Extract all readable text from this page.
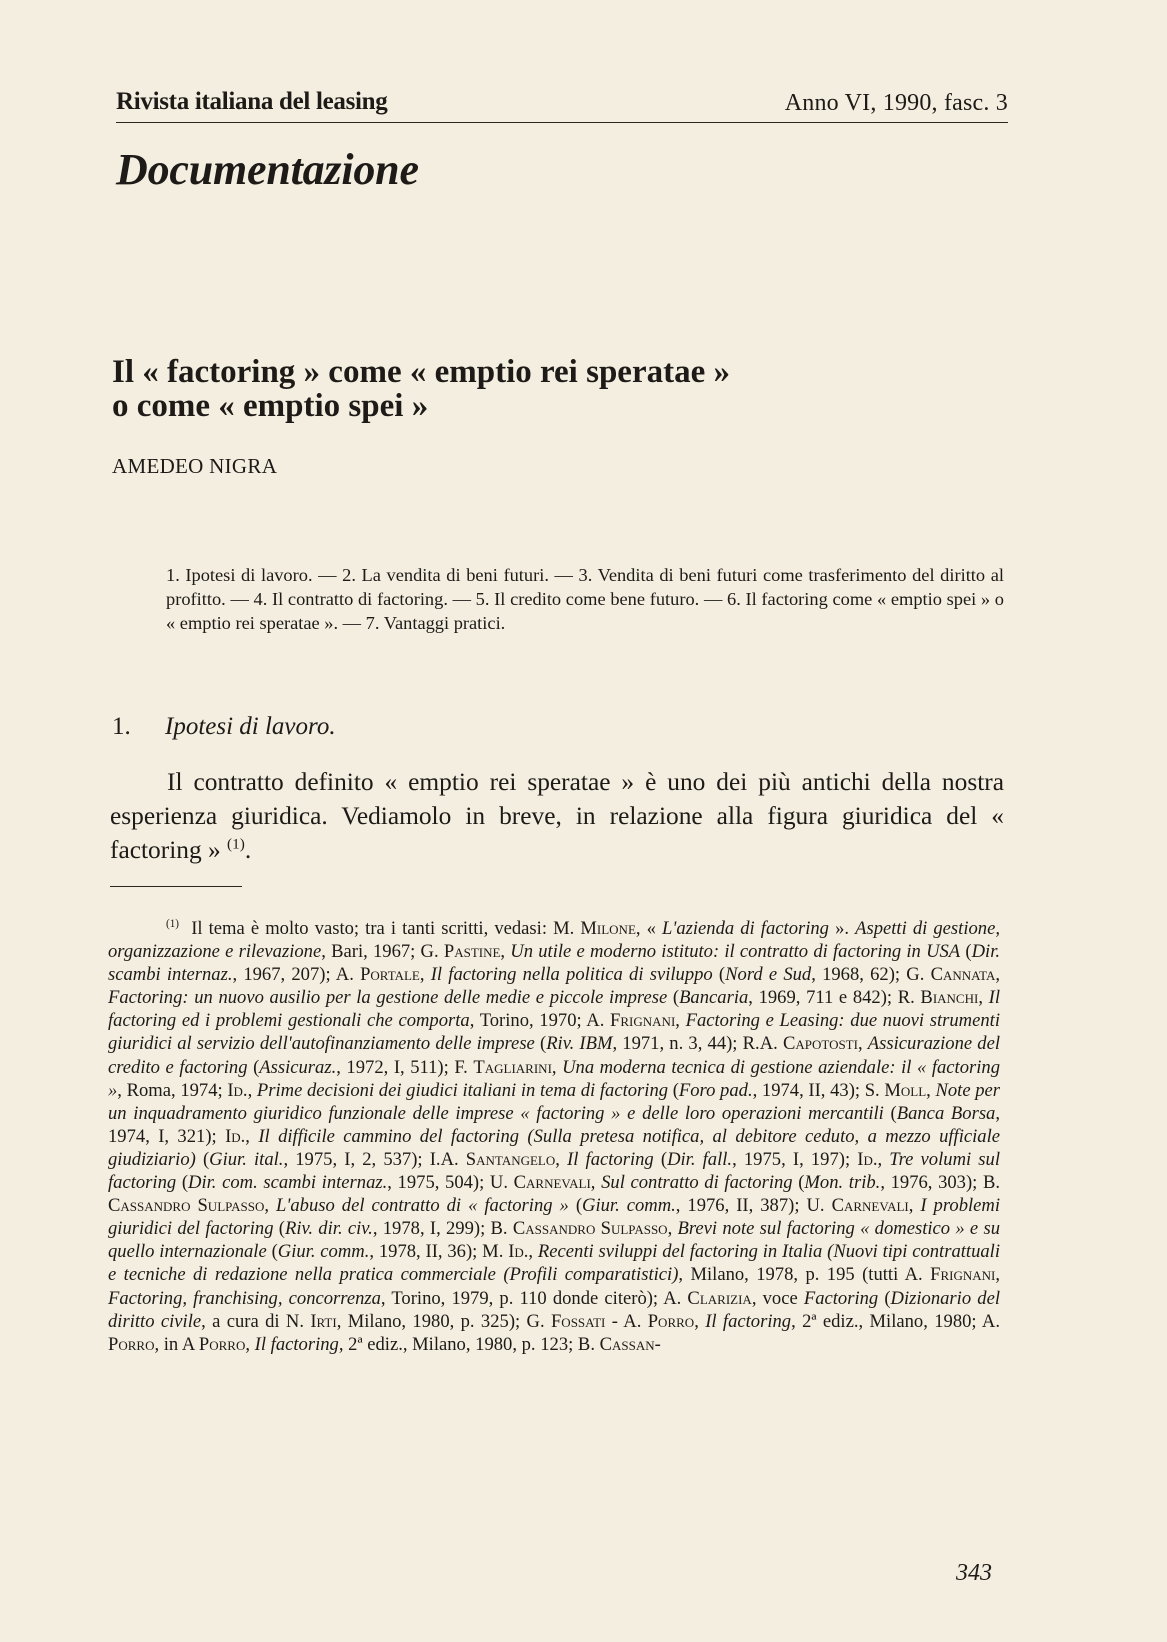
Rivista italiana del leasing	Anno VI, 1990, fasc. 3
Documentazione
Il « factoring » come « emptio rei speratae »
o come « emptio spei »
AMEDEO NIGRA
1. Ipotesi di lavoro. — 2. La vendita di beni futuri. — 3. Vendita di beni futuri come trasferimento del diritto al profitto. — 4. Il contratto di factoring. — 5. Il credito come bene futuro. — 6. Il factoring come « emptio spei » o « emptio rei speratae ». — 7. Vantaggi pratici.
1. Ipotesi di lavoro.
Il contratto definito « emptio rei speratae » è uno dei più antichi della nostra esperienza giuridica. Vediamolo in breve, in relazione alla figura giuridica del « factoring » $^{(1)}$.
$^{(1)}$ Il tema è molto vasto; tra i tanti scritti, vedasi: M. Milone, « L'azienda di factoring ». Aspetti di gestione, organizzazione e rilevazione, Bari, 1967; G. Pastine, Un utile e moderno istituto: il contratto di factoring in USA (Dir. scambi internaz., 1967, 207); A. Portale, Il factoring nella politica di sviluppo (Nord e Sud, 1968, 62); G. Cannata, Factoring: un nuovo ausilio per la gestione delle medie e piccole imprese (Bancaria, 1969, 711 e 842); R. Bianchi, Il factoring ed i problemi gestionali che comporta, Torino, 1970; A. Frignani, Factoring e Leasing: due nuovi strumenti giuridici al servizio dell'autofinanziamento delle imprese (Riv. IBM, 1971, n. 3, 44); R.A. Capotosti, Assicurazione del credito e factoring (Assicuraz., 1972, I, 511); F. Tagliarini, Una moderna tecnica di gestione aziendale: il « factoring », Roma, 1974; Id., Prime decisioni dei giudici italiani in tema di factoring (Foro pad., 1974, II, 43); S. Moll, Note per un inquadramento giuridico funzionale delle imprese « factoring » e delle loro operazioni mercantili (Banca Borsa, 1974, I, 321); Id., Il difficile cammino del factoring (Sulla pretesa notifica, al debitore ceduto, a mezzo ufficiale giudiziario) (Giur. ital., 1975, I, 2, 537); I.A. Santangelo, Il factoring (Dir. fall., 1975, I, 197); Id., Tre volumi sul factoring (Dir. com. scambi internaz., 1975, 504); U. Carnevali, Sul contratto di factoring (Mon. trib., 1976, 303); B. Cassandro Sulpasso, L'abuso del contratto di « factoring » (Giur. comm., 1976, II, 387); U. Carnevali, I problemi giuridici del factoring (Riv. dir. civ., 1978, I, 299); B. Cassandro Sulpasso, Brevi note sul factoring « domestico » e su quello internazionale (Giur. comm., 1978, II, 36); M. Id., Recenti sviluppi del factoring in Italia (Nuovi tipi contrattuali e tecniche di redazione nella pratica commerciale (Profili comparatistici), Milano, 1978, p. 195 (tutti A. Frignani, Factoring, franchising, concorrenza, Torino, 1979, p. 110 donde citerò); A. Clarizia, voce Factoring (Dizionario del diritto civile, a cura di N. Irti, Milano, 1980, p. 325); G. Fossati - A. Porro, Il factoring, 2ª ediz., Milano, 1980; A. Porro, in A Porro, Il factoring, 2ª ediz., Milano, 1980, p. 123; B. Cassan-
343
